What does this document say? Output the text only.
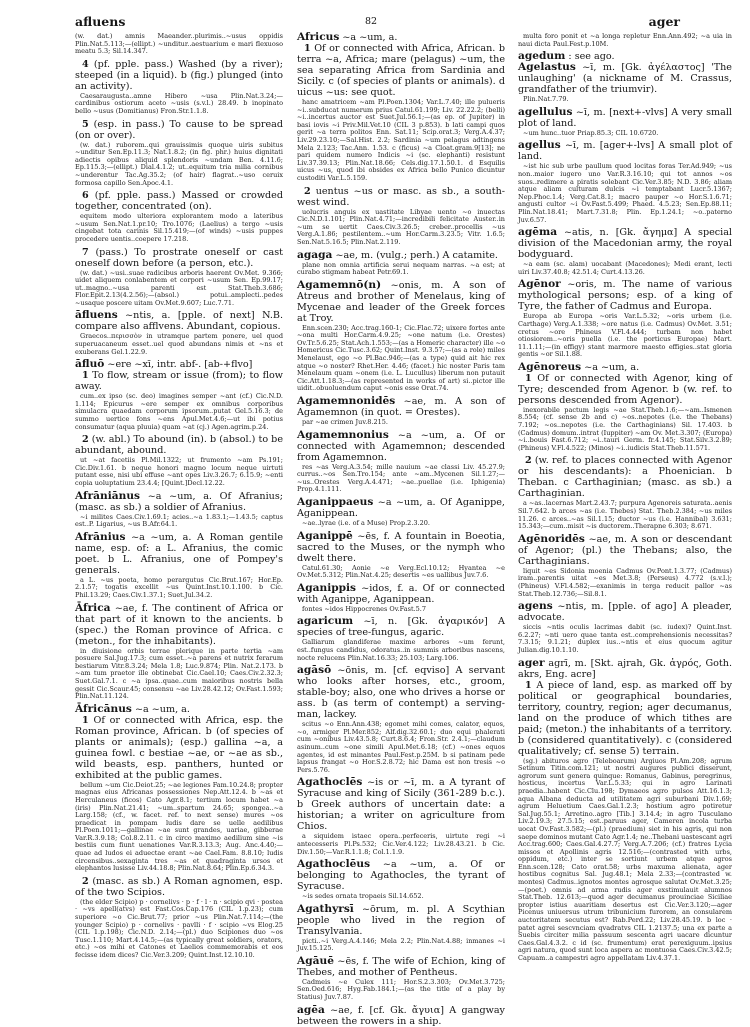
afluens	82	ager

(w. dat.) amnis Maeander..plurimis..~usus oppidis Plin.Nat.5.113;—(ellipt.) ~unditur..aestuarium e mari flexuoso meatu 5.3; Sil.14.347.

4 (pf. pple. pass.) Washed (by a river); steeped (in a liquid). b (fig.) plunged (into an activity).

Caesaraugusta..amne Hibero ~usa Plin.Nat.3.24;—cardinibus ostiorum aceto ~usis (s.v.l.) 28.49. b inopinato bello ~usus (Domitianus) Fron.Str.1.1.8.

5 (esp. in pass.) To cause to be spread (on or over).

(w. dat.) ruborem..qui grauissimis quoque uiris subitus ~unditur Sen.Ep.11.3; Nat.1.8.2; (in fig. phr.) huius dignitati adiectis opibus aliquid splendoris ~undam Ben. 4.11.6; Ep.115.3;—(ellipt.) Dial.4.1.2; ut..equitum tria milia cornibus ~underentur Tac.Ag.35.2; (of hair) flagrat..~uso ceruix formosa capillo Sen.Apoc.4.1.

6 (pf. pple. pass.) Massed or crowded together, concentrated (on).

equitem modo ulteriora explorantem modo a lateribus ~usum Sen.Nat.1.pr.10; Tro.1076; (Laelius) a tergo ~usis cingebat tota carinis Sil.15.419;—(of winds) ~usis puppes procedere uentis..coepere 17.218.

7 (pass.) To prostrate oneself or cast oneself down before (a person, etc.).

(w. dat.) ~usi..suae radicibus arboris haerent Ov.Met. 9.366; uidet aliquem conlabentem et corpori ~usum Sen. Ep.99.17; ut..magno..~usa parenti est Stat.Theb.3.686; Flor.Epit.2.13(4.2.56);—(absol.) potui..amplecti..pedes ~usaque poscere uitam Ov.Met.9.607; Luc.7.71.

āfluens ~ntis, a. [pple. of next] N.B. compare also afflvens. Abundant, copious.

Graecos..περισσὸν in utramque partem ponere, uel quod superuacaneum esset..uel quod abundans nimis et ~ns et exuberans Gel.1.22.9.

āfluō ~ere ~xī, intr. abf-. [ab-+flvo]

1 To flow, stream or issue (from); to flow away.

cum..ex ipso (sc. deo) imagines semper ~ant (cf.) Cic.N.D. 1.114; Epicurus ~ere semper ex omnibus corporibus simulacra quaedam corporum ipsorum..putat Gel.5.16.3; de summo uertice fons ~ens Apul.Met.4.6;—ut ibi potius consumatur (aqua pluuia) quam ~at (cj.) Agen.agrim.p.24.

2 (w. abl.) To abound (in). b (absol.) to be abundant, abound.

ut ~at facetiis Pl.Mil.1322; ut frumento ~am Ps.191; Cic.Div.1.61. b neque honori magno locum neque uirtuti putant esse, nisi ubi effuse ~ant opes Liv.3.26.7; 6.15.9; ~enti copia uoluptatium 23.4.4; [Quint.]Decl.12.22.

Afrāniānus ~a ~um, a. Of Afranius; (masc. as sb.) a soldier of Afranius.

~i milites Caes.Civ.1.69.1; acies..~a 1.83.1;—1.43.5; captus est..P. Ligarius, ~us B.Afr.64.1.

Afrānius ~a ~um, a. A Roman gentile name, esp. of: a L. Afranius, the comic poet. b L. Afranius, one of Pompey's generals.

a L. ~us poeta, homo perargutus Cic.Brut.167; Hor.Ep. 2.1.57; togatis excellit ~us Quint.Inst.10.1.100. b Cic. Phil.13.29; Caes.Civ.1.37.1; Suet.Jul.34.2.

Āfrica ~ae, f. The continent of Africa or that part of it known to the ancients. b (spec.) the Roman province of Africa. c (meton., for the inhabitants).

in diuisione orbis terrae plerique in parte tertia ~am posuere Sal.Jug.17.3; cum esset..~a parens et nutrix ferarum bestiarum Vitr.8.3.24; Mela 1.8; Luc.9.874; Plin. Nat.2.173. b ~am tum praetor ille obtinebat Cic.Cael.10; Caes.Civ.2.32.3; Suet.Gal.7.1. c ~a ipsa..quae..cum maioribus nostris bella gessit Cic.Scaur.45; consensu ~ae Liv.28.42.12; Ov.Fast.1.593; Plin.Nat.11.124.

Āfricānus ~a ~um, a.

1 Of or connected with Africa, esp. the Roman province, African. b (of species of plants or animals); (esp.) gallina ~a, a guinea fowl. c bestiae ~ae, or ~ae as sb., wild beasts, esp. panthers, hunted or exhibited at the public games.

bellum ~um Cic.Deiot.25; ~ae legiones Fam.10.24.8; propter magnas eius Africanas possessiones Nep.Att.12.4. b ~as et Herculaneus (ficos) Cato Agr.8.1; tertium locum habet ~a (iris) Plin.Nat.21.41; ~um..spartum 24.65; spongea..~a Larg.158; (cf., w. facet. ref. to next sense) mures ~os praedicat in pompam ludis dare se uelle aedilibus Pl.Poen.1011;—gallinae ~ae sunt grandes, uariae, gibberae Var.R.3.9.18; Col.8.2.11. c in circo maximo aedilium sine ~is bestiis cum fiunt uenationes Var.R.3.13.3; Aug. Anc.4.40;—quae ad ludos ei aduectae erant ~ae Cael.Fam. 8.8.10; ludis circensibus..sexaginta tres ~as et quadraginta ursos et elephantos lusisse Liv.44.18.8; Plin.Nat.8.64; Plin.Ep.6.34.3.

2 (masc. as sb.) A Roman agnomen, esp. of the two Scipios.

(the elder Scipio) p · cornelivs · p · f · l · n · scipio qvi · postea · ~vs apell(atvs) est Fast.Cos.Cap.176 (CIL 1.p.23); cum superiore ~o Cic.Brut.77; prior ~us Plin.Nat.7.114;—(the younger Scipio) p · cornelivs · pavlli · f · scipio ~vs Elog.25 (CIL 1.p.198); Cic.N.D. 2.14;—(pl.) duo Scipiones duo ~os Tusc.1.110; Mart.4.14.5;—(as typically great soldiers, orators, etc.) ~os mihi et Catones et Laelios commemorabis et eos fecisse idem dices? Cic.Ver.3.209; Quint.Inst.12.10.10.

Africus ~a ~um, a.

1 Of or connected with Africa, African. b terra ~a, Africa; mare (pelagus) ~um, the sea separating Africa from Sardinia and Sicily. c (of species of plants or animals). d uicus ~us: see quot.

hanc amatricem ~am Pl.Poen.1304; Var.L.7.40; ille pulueris ~i..subducat numerum prius Catul.61.199; Liv. 22.22.2; (belli) ~i..incertus auctor est Suet.Jul.56.1;—(as ep. of Jupiter) in basi iovis ~i Priv.Mil.Vet.10 (CIL 3 p.853). b lati campi quos gerit ~a terra politos Enn. Sat.11; Scip.orat.3; Verg.A.4.37; Liv.29.23.10;—Sal.Hist. 2.2; Sardinia ~um pelagus adtingens Mela 2.123; Tac.Ann. 1.53. c (ficus) ~a Cloat.gram.9[13]; ne pari quidem numero Indicis ~i (sc. elephanti) resistunt Liv.37.39.13; Plin.Nat.18.66; Cels.dig.17.1.50.1. d Esquilis uicus ~us, quod ibi obsides ex Africa bello Punico dicuntur custoditi Var.L.5.159.

2 uentus ~us or masc. as sb., a south-west wind.

uolucris anguis ex uastitate Libyae uento ~o inuectas Cic.N.D.1.101; Plin.Nat.4.71;—incredibili felicitate Auster..in ~um se uertit Caes.Civ.3.26.5; creber..procellis ~us Verg.A.1.86; pestilentem..~um Hor.Carm.3.23.5; Vitr. 1.6.5; Sen.Nat.5.16.5; Plin.Nat.2.119.

agaga ~ae, m. (vulg.; perh.) A catamite.

plane non omnia artificia serui nequam narras. ~a est; at curabo stigmam habeat Petr.69.1.

Agamemnō(n) ~onis, m. A son of Atreus and brother of Menelaus, king of Mycenae and leader of the Greek forces at Troy.

Enn.scen.230; Acc.trag.160-1; Cic.Flac.72; uixere fortes ante ~ona multi Hor.Carm.4.9.25; ~one natum (i.e. Orestes) Ov.Tr.5.6.25; Stat.Ach.1.553;—(as a Homeric character) ille ~o Homericus Cic.Tusc.3.62; Quint.Inst. 9.3.57;—(as a role) miles Menelaust, ego ~o Pl.Bac.946;—(as a type) quid ait hic rex atque ~o noster? Rhet.Her. 4.46; (facet.) hic noster Paris tam Menelaum quam ~onem (i.e. L. Lucullus) liberum non putauit Cic.Att.1.18.3;—(as represented in works of art) si..pictor ille uidit..obuoluendum caput ~onis esse Orat.74.

Agamemnonidēs ~ae, m. A son of Agamemnon (in quot. = Orestes).

par ~ae crimen Juv.8.215.

Agamemnonius ~a ~um, a. Of or connected with Agamemnon; descended from Agamemnon.

res ~as Verg.A.3.54; mille nauium ~ae classi Liv. 45.27.9; currus..~os Sen.Tro.154; ante ~am..Mycenen Sil.1.27;—~us..Orestes Verg.A.4.471; ~ae..puellae (i.e. Iphigenia) Prop.4.1.111.

Aganippaeus ~a ~um, a. Of Aganippe, Aganippean.

~ae..lyrae (i.e. of a Muse) Prop.2.3.20.

Aganippē ~ēs, f. A fountain in Boeotia, sacred to the Muses, or the nymph who dwelt there.

Catul.61.30; Aonie ~e Verg.Ecl.10.12; Hyantea ~e Ov.Met.5.312; Plin.Nat.4.25; desertis ~es uallibus Juv.7.6.

Aganippis ~idos, f. a. Of or connected with Aganippe, Aganippean.

fontes ~idos Hippocrenes Ov.Fast.5.7

agaricum ~ī, n. [Gk. ἀγαρικόν] A species of tree-fungus, agaric.

Galliarum glandiferae maxime arbores ~um ferunt, est..fungus candidus, odoratus..in summis arboribus nascens, nocte relucens Plin.Nat.16.33; 25.103; Larg.106.

agāsō ~ōnis, m. [cf. eqviso] A servant who looks after horses, etc., groom, stable-boy; also, one who drives a horse or ass. b (as term of contempt) a serving-man, lackey.

scitus ~o Enn.Ann.438; egomet mihi comes, calator, equos, ~o, armiger Pl.Mer.852; Alf.dig.32.60.1; duo equi phalerati cum ~onibus Liv.43.5.8; Curt.8.6.4; Fron.Str. 2.4.1;—claudum asinum..cum ~one simili Apul.Met.6.18; (cf.) ~ones equos agentes, id est minantes Paul.Fest.p.25M. b si patinam pede lapsus frangat ~o Hor.S.2.8.72; hic Dama est non tresis ~o Pers.5.76.

Agathoclēs ~is or ~ī, m. a A tyrant of Syracuse and king of Sicily (361-289 b.c.). b Greek authors of uncertain date: a historian; a writer on agriculture from Chios.

a siquidem istaec opera..perfeceris, uirtute regi ~i antecesseris Pl.Ps.532; Cic.Ver.4.122; Liv.28.43.21. b Cic. Div.1.50;—Var.R.1.1.8; Col.1.1.9.

Agathoclēus ~a ~um, a. Of or belonging to Agathocles, the tyrant of Syracuse.

~is sedes ornata tropaeis Sil.14.652.

Agathyrsī ~ōrum, m. pl. A Scythian people who lived in the region of Transylvania.

picti..~i Verg.A.4.146; Mela 2.2; Plin.Nat.4.88; inmanes ~i Juv.15.125.

Agāuē ~ēs, f. The wife of Echion, king of Thebes, and mother of Pentheus.

Cadmeis ~e Culex 111; Hor.S.2.3.303; Ov.Met.3.725; Sen.Oed.616; Hyg.Fab.184.1;—(as the title of a play by Statius) Juv.7.87.

agēa ~ae, f. [cf. Gk. ἄγυια] A gangway between the rowers in a ship.

multa foro ponit et ~a longa repletur Enn.Ann.492; ~a uia in naui dicta Paul.Fest.p.10M.

agedum : see ago.

Agelastus ~ī, m. [Gk. ἀγέλαστος] 'The unlaughing' (a nickname of M. Crassus, grandfather of the triumvir).

Plin.Nat.7.79.

agellulus ~ī, m. [next+-vlvs] A very small plot of land.

~um hunc..tuor Priap.85.3; CIL 10.6720.

agellus ~ī, m. [ager+-lvs] A small plot of land.

~ist hic sub urbe paullum quod locitas foras Ter.Ad.949; ~us non..maior iugero uno Var.R.3.16.10; qui tot annos ~os suos..redimere a piratis solebant Cic.Ver.3.85; N.D. 3.86; aliam atque aliam culturam dulcis ~i temptabant Lucr.5.1367; Nep.Phoc.1.4; Verg.Cat.8.1; macro pauper ~o Hor.S.1.6.71; angusti cultor ~i Ov.Fast.5.499; Phaed. 4.5.23; Sen.Ep.88.11; Plin.Nat.18.41; Mart.7.31.8; Plin. Ep.1.24.1; ~o..paterno Juv.6.57.

agēma ~atis, n. [Gk. ἄγημα] A special division of the Macedonian army, the royal bodyguard.

~a eam (sc. alam) uocabant (Macedones); Medi erant, lecti uiri Liv.37.40.8; 42.51.4; Curt.4.13.26.

Agēnor ~oris, m. The name of various mythological persons; esp. of a king of Tyre, the father of Cadmus and Europa.

Europa ab Europa ~oris Var.L.5.32; ~oris urbem (i.e. Carthage) Verg.A.1.338; ~ore natus (i.e. Cadmus) Ov.Met. 3.51; cretus ~ore Phineus V.Fl.4.444; turbam non habet otiosiorem..~oris puella (i.e. the porticus Europae) Mart. 11.1.11;—(in effigy) stant marmore maesto effigies..stat gloria gentis ~or Sil.1.88.

Agēnoreus ~a ~um, a.

1 Of or connected with Agenor, king of Tyre; descended from Agenor. b (w. ref. to persons descended from Agenor).

inexorabile pactum legis ~ae Stat.Theb.1.6;—~am..Ismenen 8.554; (cf. sense 2b and c) ~os..nepotes (i.e. the Thebans) 7.192; ~os..nepotes (i.e. the Carthaginians) Sil. 17.403. b (Cadmus) domum..intrat (Iuppiter) ~am Ov. Met.3.307; (Europa) ~i..bouis Fast.6.712; ~i..tauri Germ. fr.4.145; Stat.Silv.3.2.89; (Phineus) V.Fl.4.522; (Minos) ~i..iudicis Stat.Theb.11.571.

2 (w. ref. to places connected with Agenor or his descendants): a Phoenician. b Theban. c Carthaginian; (masc. as sb.) a Carthaginian.

a ~as..lacernas Mart.2.43.7; purpura Agenoreis saturata..aenis Sil.7.642. b arces ~as (i.e. Thebes) Stat. Theb.2.384; ~us miles 11.26. c arces..~as Sil.1.15; ductor ~us (i.e. Hannibal) 3.631; 15.343;—cum..misit ~is ductorem..Therapne 6.303; 8.671.

Agēnoridēs ~ae, m. A son or descendant of Agenor; (pl.) the Thebans; also, the Carthaginians.

liquit ~es Sidonia moenia Cadmus Ov.Pont.1.3.77; (Cadmus) iram..parentis uitat ~es Met.3.8; (Perseus) 4.772 (s.v.l.); (Phineus) V.Fl.4.582;—exanimis in terga reducit pallor ~as Stat.Theb.12.736;—Sil.8.1.

agens ~ntis, m. [pple. of ago] A pleader, advocate.

siccis ~ntis oculis lacrimas dabit (sc. iudex)? Quint.Inst. 6.2.27; ~nti uero quae tanta est..comprehensionis necessitas? 7.3.15; 9.1.21; duplex ius..~ntis et eius quocum agitur Julian.dig.10.1.10.

ager agrī, m. [Skt. ajrah, Gk. ἀγρός, Goth. akrs, Eng. acre]

1 A piece of land, esp. as marked off by political or geographical boundaries, territory, country, region; ager decumanus, land on the produce of which tithes are paid; (meton.) the inhabitants of a territory. b (considered quantitatively). c (considered qualitatively; cf. sense 5) terrain.

(sg.) abituros agro (Teleboarum) Argiuos Pl.Am.208; agrum Setinum Titin.com.121; ut nostri augures publici disserunt, agrorum sunt genera quinque: Romanus, Gabinus, peregrinus, hosticus, incertus Var.L.5.33; qui in agro Larinati praedia..habent Cic.Clu.198; Dymaeos agro pulsos Att.16.1.3; aqua Albana deducta ad utilitatem agri suburbani Div.1.69; agrum Heluetium Caes.Gal.1.2.3; hostium agro potiretur Sal.Jug.55.1; Arretino..agro [Tib.] 3.14.4; in agro Tusculano Liv.2.19.3; 27.5.15; est..paruus ager, Cameren incola turba uocat Ov.Fast.3.582;—(pl.) (praedium) siet in his agris, qui non saepe dominos mutant Cato Agr.1.4; ne..Thebani uastescant agri Acc.trag.600; Caes.Gal.4.27.7; Verg.A.7.206; (cf.) fratres Lycia missos et Apollinis agris 12.516;—(contrasted with urbs, oppidum, etc.) inter se sortiunt urbem atque agros Enn.scen.128; Cato orat.58; urbs maxuma alienata, ager hostibus cognitus Sal. Jug.48.1; Mela 2.33;—(contrasted w. montes) Cadmus..ignotos montes agrosque salutat Ov.Met.3.25;—(poet.) omnis ad arma rudis ager exstimulauit alumnos Stat.Theb. 12.613;—quod ager decumanus prouinciae Siciliae propter istius auaritiam desertus est Cic.Ver.3.120;—ager Picenus uniuersus utrum tribunicium furorem, an consularem auctoritatem secutus est? Rab.Perd.22; Liv.28.45.19. b loc · patet agrei sescvnciam qvadratvs CIL 1.2137.5; una ex parte a Suebis circiter milia passuum sescenta agri uacare dicuntur Caes.Gal.4.3.2. c id (sc. frumentum) erat perexiguum..ipsius agri natura, quod sunt loca aspera ac montuosa Caes.Civ.3.42.5; Capuam..a campestri agro appellatam Liv.4.37.1.
